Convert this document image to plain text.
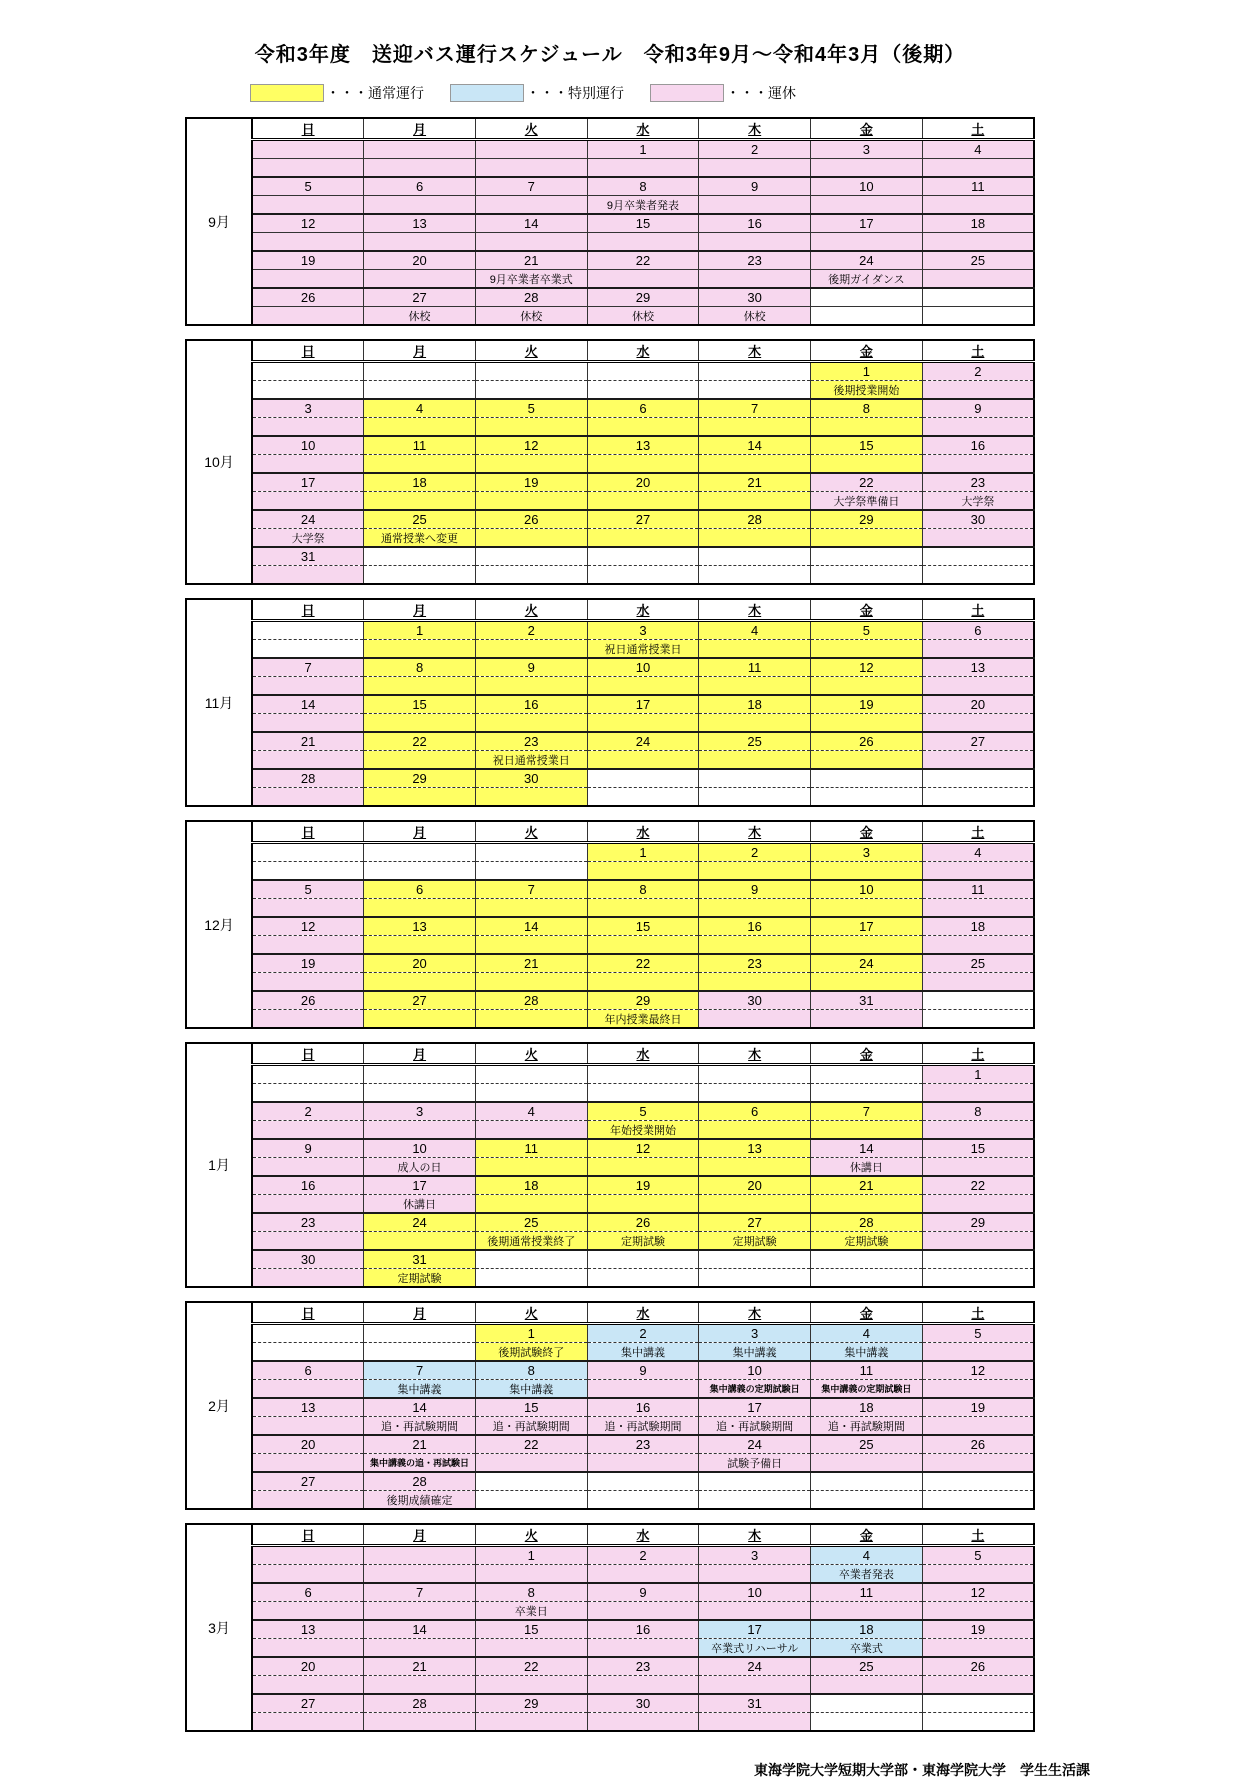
令和3年度　送迎バス運行スケジュール　令和3年9月～令和4年3月（後期）
・・・通常運行	・・・特別運行	・・・運休
9月	日	月	火	水	木	金	土
				1	2	3	4

	5	6	7	8	9	10	11
				9月卒業者発表			
	12	13	14	15	16	17	18

	19	20	21	22	23	24	25
			9月卒業者卒業式			後期ガイダンス	
	26	27	28	29	30		
		休校	休校	休校	休校		
10月	日	月	火	水	木	金	土
						1	2
						後期授業開始	
	3	4	5	6	7	8	9

	10	11	12	13	14	15	16

	17	18	19	20	21	22	23
						大学祭準備日	大学祭
	24	25	26	27	28	29	30
	大学祭	通常授業へ変更					
	31						

11月	日	月	火	水	木	金	土
		1	2	3	4	5	6
				祝日通常授業日			
	7	8	9	10	11	12	13

	14	15	16	17	18	19	20

	21	22	23	24	25	26	27
			祝日通常授業日				
	28	29	30				

12月	日	月	火	水	木	金	土
				1	2	3	4

	5	6	7	8	9	10	11

	12	13	14	15	16	17	18

	19	20	21	22	23	24	25

	26	27	28	29	30	31	
				年内授業最終日			
1月	日	月	火	水	木	金	土
							1

	2	3	4	5	6	7	8
				年始授業開始			
	9	10	11	12	13	14	15
		成人の日				休講日	
	16	17	18	19	20	21	22
		休講日					
	23	24	25	26	27	28	29
			後期通常授業終了	定期試験	定期試験	定期試験	
	30	31					
		定期試験					
2月	日	月	火	水	木	金	土
			1	2	3	4	5
			後期試験終了	集中講義	集中講義	集中講義	
	6	7	8	9	10	11	12
		集中講義	集中講義		集中講義の定期試験日	集中講義の定期試験日	
	13	14	15	16	17	18	19
		追・再試験期間	追・再試験期間	追・再試験期間	追・再試験期間	追・再試験期間	
	20	21	22	23	24	25	26
		集中講義の追・再試験日			試験予備日		
	27	28					
		後期成績確定					
3月	日	月	火	水	木	金	土
			1	2	3	4	5
						卒業者発表	
	6	7	8	9	10	11	12
			卒業日				
	13	14	15	16	17	18	19
					卒業式リハーサル	卒業式	
	20	21	22	23	24	25	26

	27	28	29	30	31		

東海学院大学短期大学部・東海学院大学　学生生活課
